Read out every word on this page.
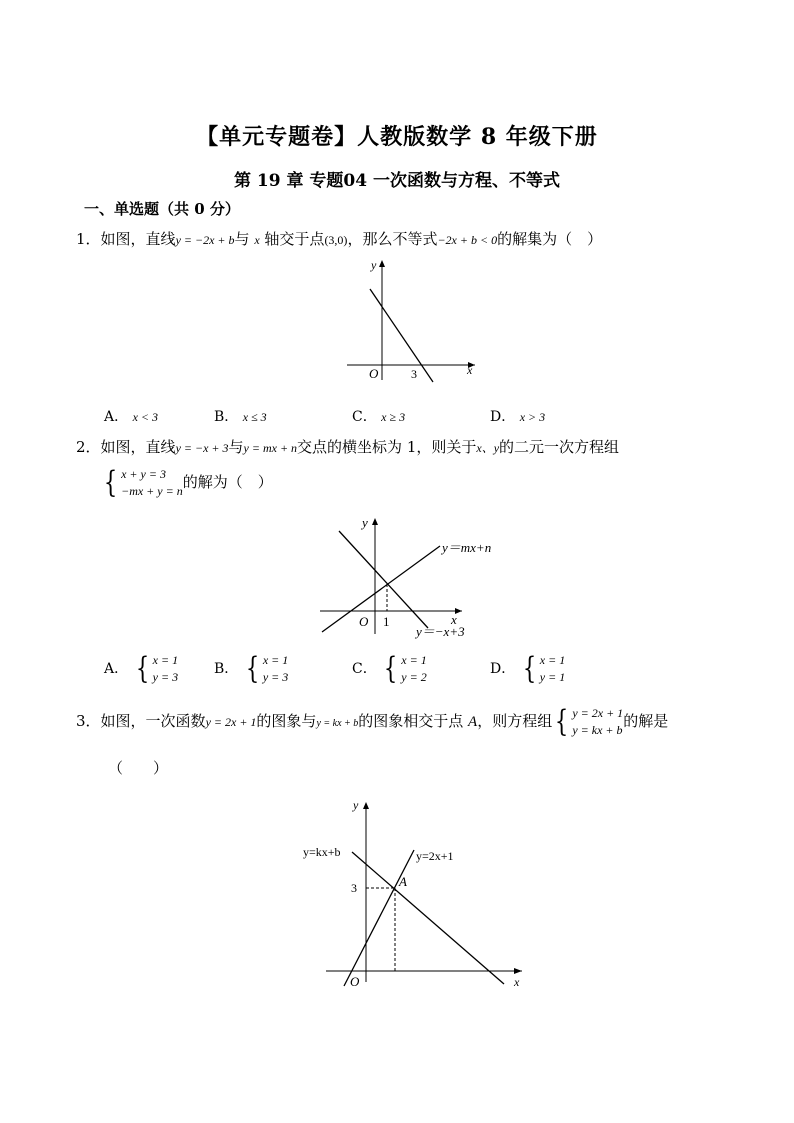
【单元专题卷】人教版数学 8 年级下册
第 19 章 专题04 一次函数与方程、不等式
一、单选题（共 0 分）
1．如图，直线y = −2x + b与 x 轴交于点(3,0)，那么不等式−2x + b < 0的解集为（　）
y
x
O	3
A． x < 3	B． x ≤ 3	C． x ≥ 3	D． x > 3
2．如图，直线y = −x + 3与y = mx + n交点的横坐标为 1，则关于x、y的二元一次方程组
{ x + y = 3
−mx + y = n 的解为（　）
y
x
O 1
y＝mx+n
y＝−x+3
A． { x = 1
y = 3	B． { x = 1
y = 3	C． { x = 1
y = 2	D． { x = 1
y = 1
3．如图，一次函数y = 2x + 1的图象与y = kx + b的图象相交于点 A，则方程组 { y = 2x + 1
y = kx + b 的解是
（　　）
y
x
O
3	A
y=kx+b	y=2x+1
